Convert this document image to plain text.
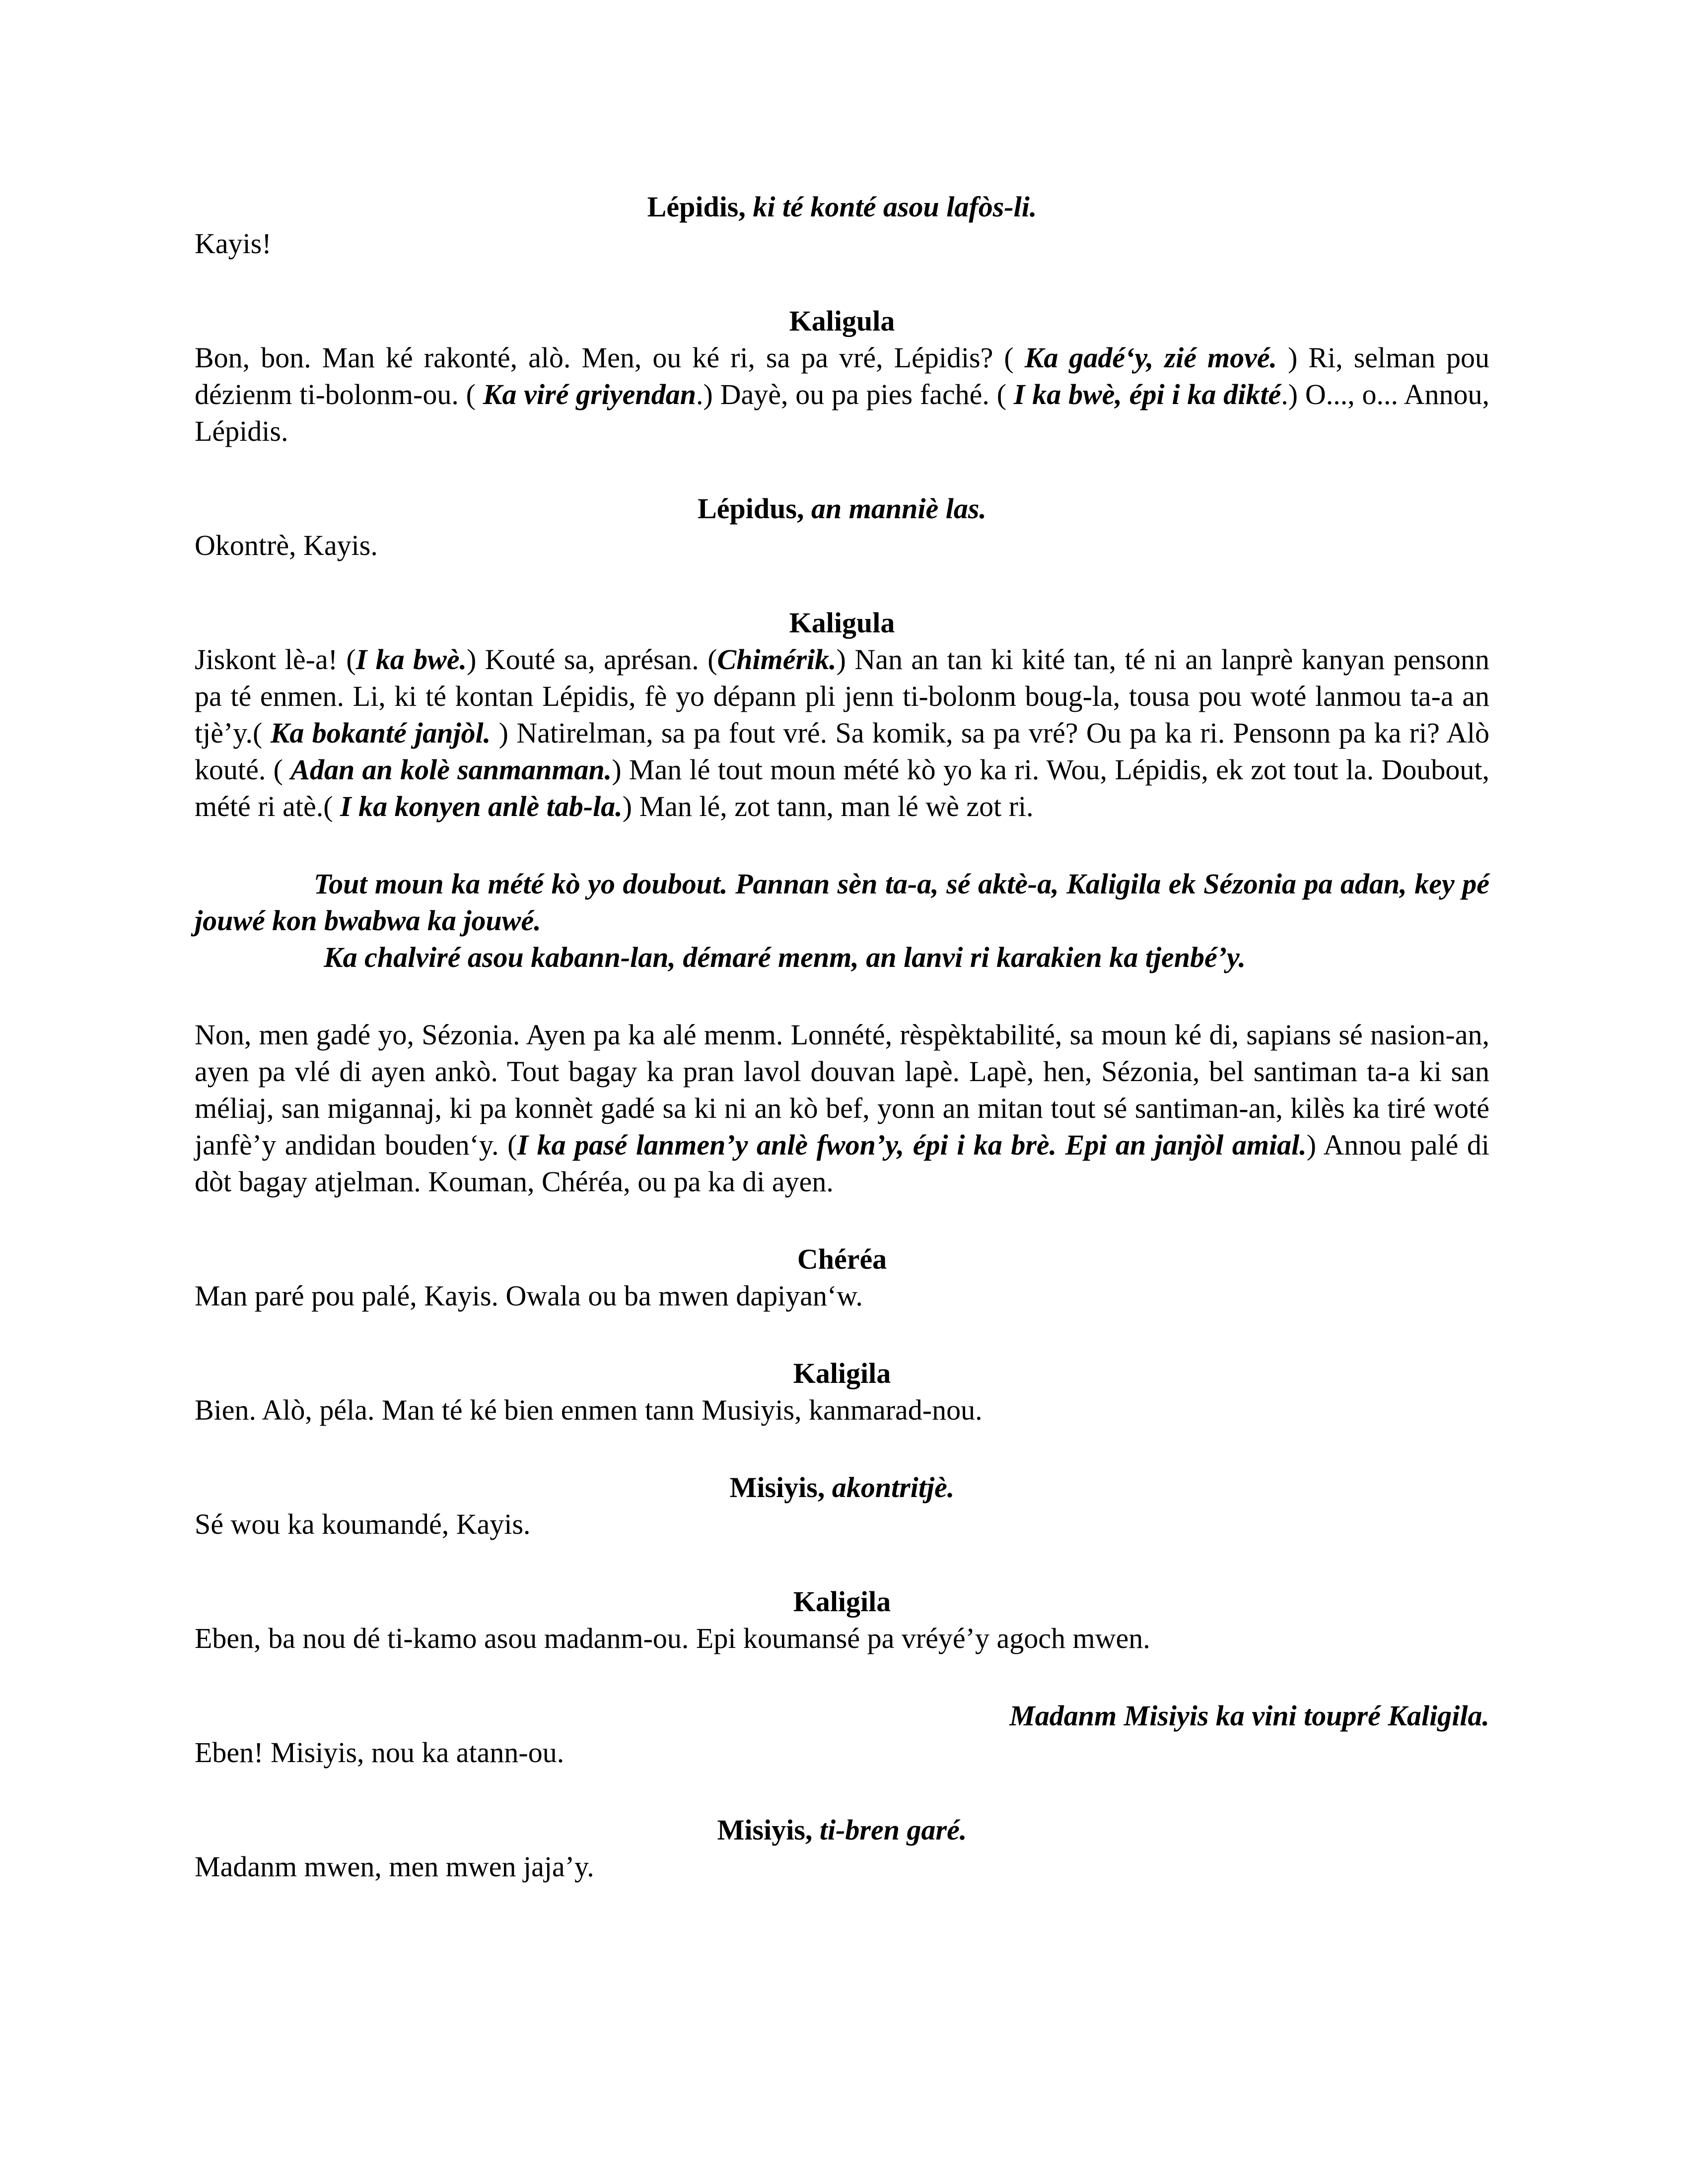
Lépidis, ki té konté asou lafòs-li.
Kayis!
Kaligula
Bon, bon. Man ké rakonté, alò. Men, ou ké ri, sa pa vré, Lépidis? ( Ka gadé‘y, zié mové. ) Ri, selman pou dézienm ti-bolonm-ou. ( Ka viré griyendan.) Dayè, ou pa pies faché. ( I ka bwè, épi i ka dikté.) O..., o... Annou, Lépidis.
Lépidus, an manniè las.
Okontrè, Kayis.
Kaligula
Jiskont lè-a! (I ka bwè.) Kouté sa, aprésan. (Chimérik.) Nan an tan ki kité tan, té ni an lanprè kanyan pensonn pa té enmen. Li, ki té kontan Lépidis, fè yo dépann pli jenn ti-bolonm boug-la, tousa pou woté lanmou ta-a an tjè’y.( Ka bokanté janjòl. ) Natirelman, sa pa fout vré. Sa komik, sa pa vré? Ou pa ka ri. Pensonn pa ka ri? Alò kouté. ( Adan an kolè sanmanman.) Man lé tout moun mété kò yo ka ri. Wou, Lépidis, ek zot tout la. Doubout, mété ri atè.( I ka konyen anlè tab-la.) Man lé, zot tann, man lé wè zot ri.
Tout moun ka mété kò yo doubout. Pannan sèn ta-a, sé aktè-a, Kaligila ek Sézonia pa adan, key pé jouwé kon bwabwa ka jouwé.
Ka chalviré asou kabann-lan, démaré menm, an lanvi ri karakien ka tjenbé’y.
Non, men gadé yo, Sézonia. Ayen pa ka alé menm. Lonnété, rèspèktabilité, sa moun ké di, sapians sé nasion-an, ayen pa vlé di ayen ankò. Tout bagay ka pran lavol douvan lapè. Lapè, hen, Sézonia, bel santiman ta-a ki san méliaj, san migannaj, ki pa konnèt gadé sa ki ni an kò bef, yonn an mitan tout sé santiman-an, kilès ka tiré woté janfè’y andidan bouden‘y. (I ka pasé lanmen’y anlè fwon’y, épi i ka brè. Epi an janjòl amial.) Annou palé di dòt bagay atjelman. Kouman, Chéréa, ou pa ka di ayen.
Chéréa
Man paré pou palé, Kayis. Owala ou ba mwen dapiyan‘w.
Kaligila
Bien. Alò, péla. Man té ké bien enmen tann Musiyis, kanmarad-nou.
Misiyis, akontritjè.
Sé wou ka koumandé, Kayis.
Kaligila
Eben, ba nou dé ti-kamo asou madanm-ou. Epi koumansé pa vréyé’y agoch mwen.
Madanm Misiyis ka vini toupré Kaligila.
Eben! Misiyis, nou ka atann-ou.
Misiyis, ti-bren garé.
Madanm mwen, men mwen jaja’y.
